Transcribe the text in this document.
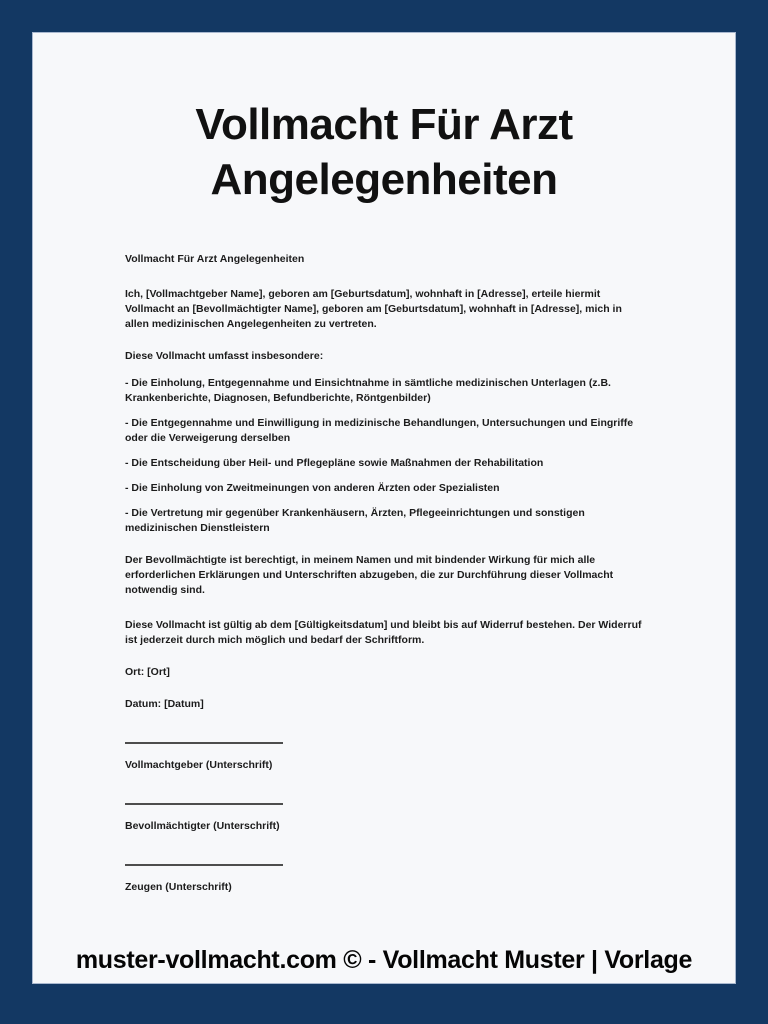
Vollmacht Für Arzt Angelegenheiten

Vollmacht Für Arzt Angelegenheiten

Ich, [Vollmachtgeber Name], geboren am [Geburtsdatum], wohnhaft in [Adresse], erteile hiermit Vollmacht an [Bevollmächtigter Name], geboren am [Geburtsdatum], wohnhaft in [Adresse], mich in allen medizinischen Angelegenheiten zu vertreten.

Diese Vollmacht umfasst insbesondere:

- Die Einholung, Entgegennahme und Einsichtnahme in sämtliche medizinischen Unterlagen (z.B. Krankenberichte, Diagnosen, Befundberichte, Röntgenbilder)

- Die Entgegennahme und Einwilligung in medizinische Behandlungen, Untersuchungen und Eingriffe oder die Verweigerung derselben

- Die Entscheidung über Heil- und Pflegepläne sowie Maßnahmen der Rehabilitation

- Die Einholung von Zweitmeinungen von anderen Ärzten oder Spezialisten

- Die Vertretung mir gegenüber Krankenhäusern, Ärzten, Pflegeeinrichtungen und sonstigen medizinischen Dienstleistern

Der Bevollmächtigte ist berechtigt, in meinem Namen und mit bindender Wirkung für mich alle erforderlichen Erklärungen und Unterschriften abzugeben, die zur Durchführung dieser Vollmacht notwendig sind.

Diese Vollmacht ist gültig ab dem [Gültigkeitsdatum] und bleibt bis auf Widerruf bestehen. Der Widerruf ist jederzeit durch mich möglich und bedarf der Schriftform.

Ort: [Ort]

Datum: [Datum]

Vollmachtgeber (Unterschrift)
Bevollmächtigter (Unterschrift)
Zeugen (Unterschrift)
muster-vollmacht.com © - Vollmacht Muster | Vorlage
